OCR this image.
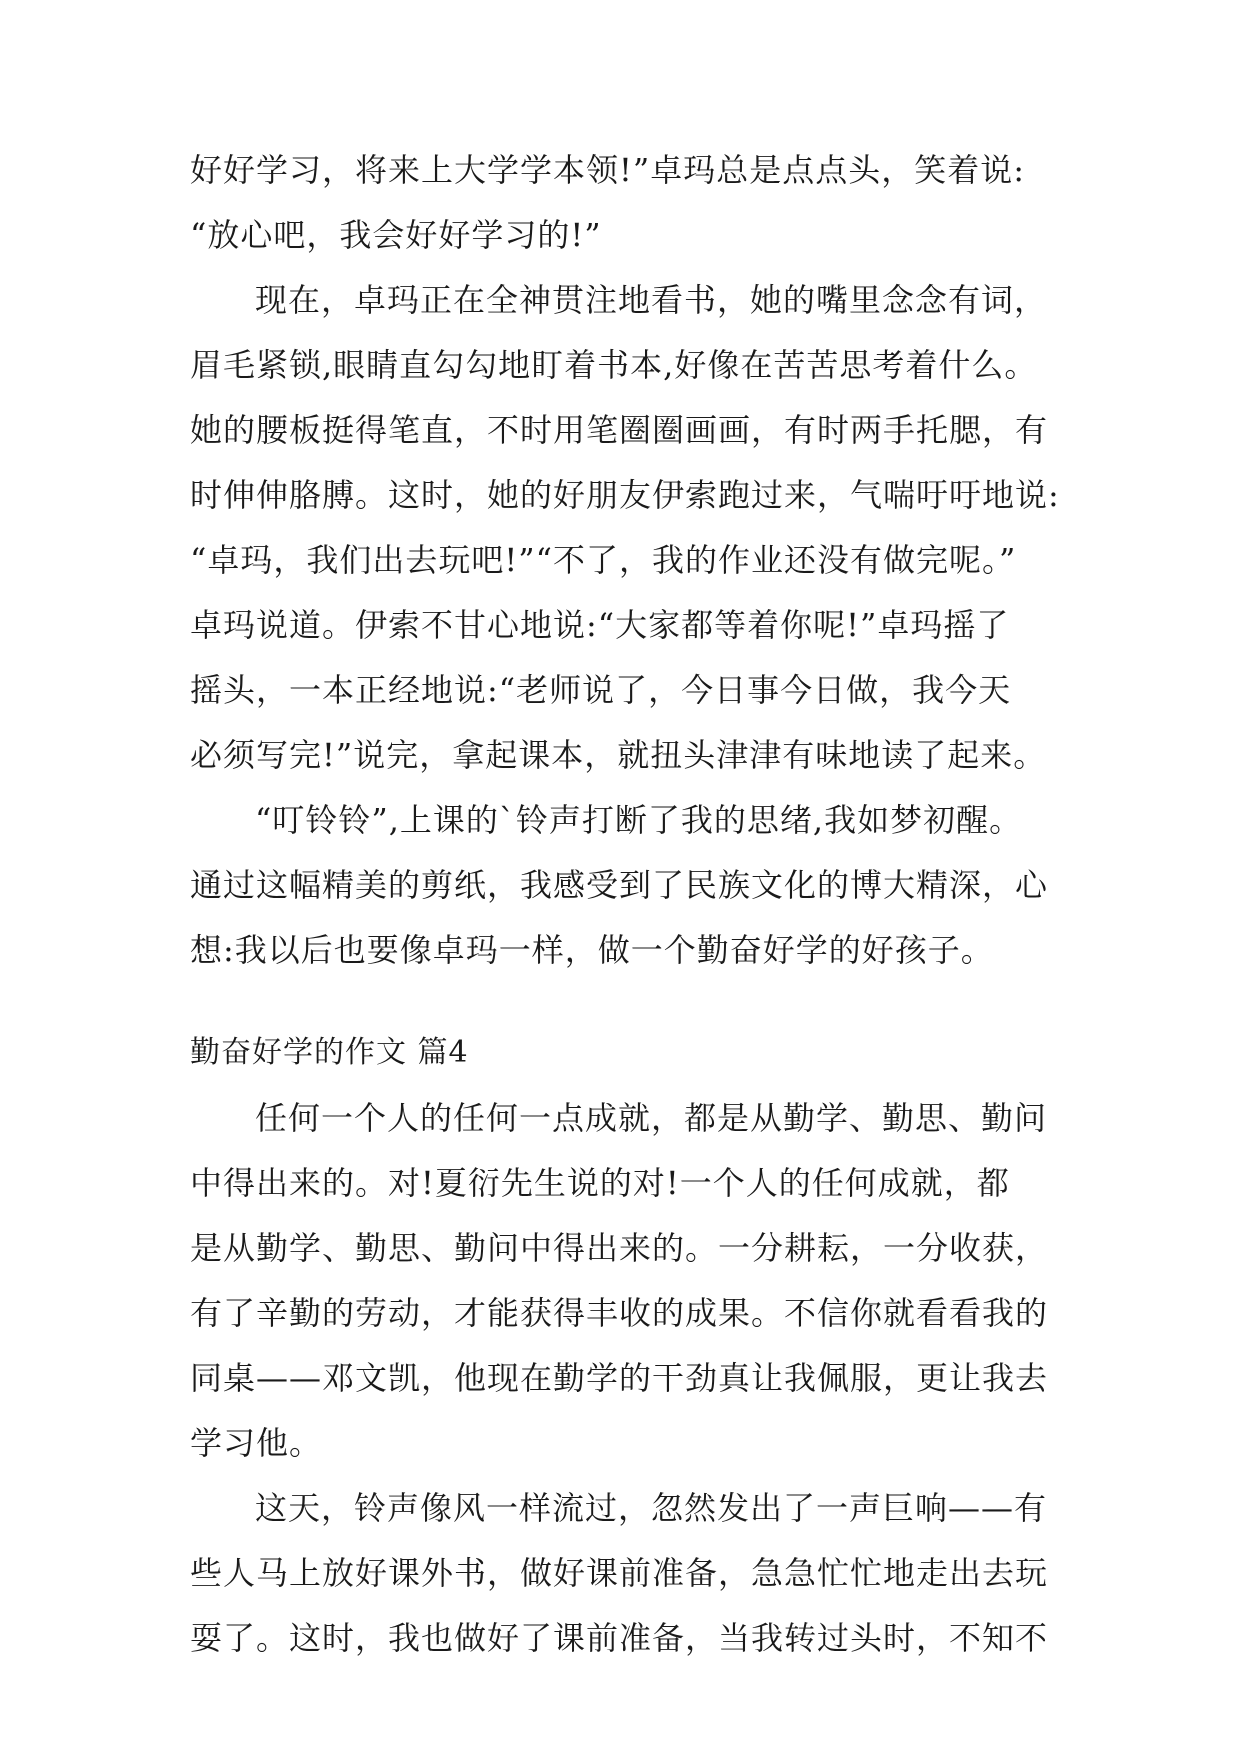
好好学习，将来上大学学本领!”卓玛总是点点头，笑着说:
“放心吧，我会好好学习的!”
现在，卓玛正在全神贯注地看书，她的嘴里念念有词，
眉毛紧锁,眼睛直勾勾地盯着书本,好像在苦苦思考着什么。
她的腰板挺得笔直，不时用笔圈圈画画，有时两手托腮，有
时伸伸胳膊。这时，她的好朋友伊索跑过来，气喘吁吁地说:
“卓玛，我们出去玩吧!”“不了，我的作业还没有做完呢。”
卓玛说道。伊索不甘心地说:“大家都等着你呢!”卓玛摇了
摇头，一本正经地说:“老师说了，今日事今日做，我今天
必须写完!”说完，拿起课本，就扭头津津有味地读了起来。
“叮铃铃”,上课的`铃声打断了我的思绪,我如梦初醒。
通过这幅精美的剪纸，我感受到了民族文化的博大精深，心
想:我以后也要像卓玛一样，做一个勤奋好学的好孩子。
勤奋好学的作文 篇4
任何一个人的任何一点成就，都是从勤学、勤思、勤问
中得出来的。对!夏衍先生说的对!一个人的任何成就，都
是从勤学、勤思、勤问中得出来的。一分耕耘，一分收获，
有了辛勤的劳动，才能获得丰收的成果。不信你就看看我的
同桌——邓文凯，他现在勤学的干劲真让我佩服，更让我去
学习他。
这天，铃声像风一样流过，忽然发出了一声巨响——有
些人马上放好课外书，做好课前准备，急急忙忙地走出去玩
耍了。这时，我也做好了课前准备，当我转过头时，不知不
